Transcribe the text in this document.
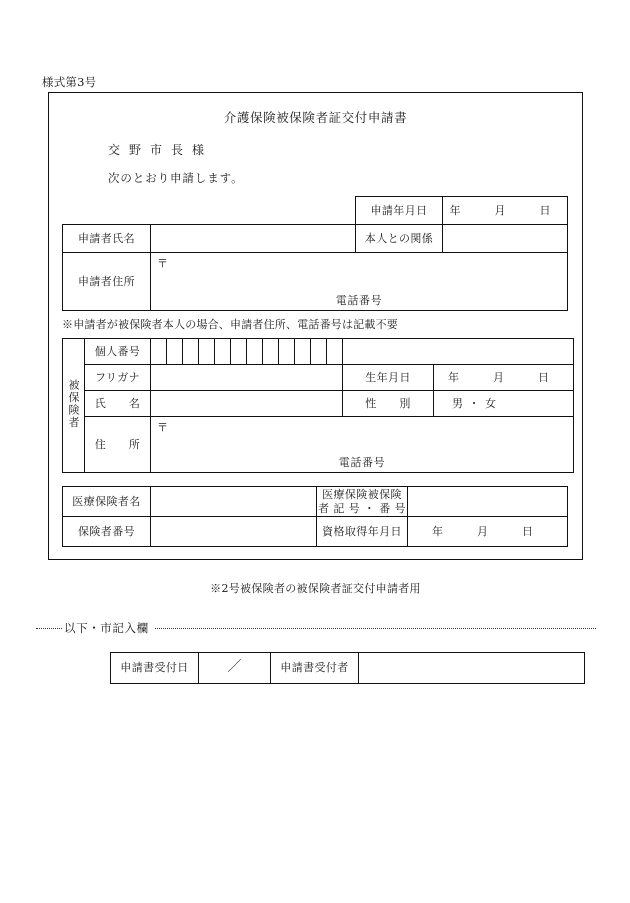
様式第3号
介護保険被保険者証交付申請書
交 野 市 長 様
次のとおり申請します。
		申請年月日	年 月 日

申請者氏名		本人との関係	
申請者住所	〒
電話番号		
※申請者が被保険者本人の場合、申請者住所、電話番号は記載不要
被保険者	個人番号														
	フリガナ													生年月日	年 月 日

	氏　　名													性　　別	男 ・ 女

	住　　所	〒
電話番号													
医療保険者名		医療保険被保険
者 記 号 ・ 番 号	

保険者番号		資格取得年月日	年 月 日
※2号被保険者の被保険者証交付申請者用
以下・市記入欄
申請書受付日	／	申請書受付者	
